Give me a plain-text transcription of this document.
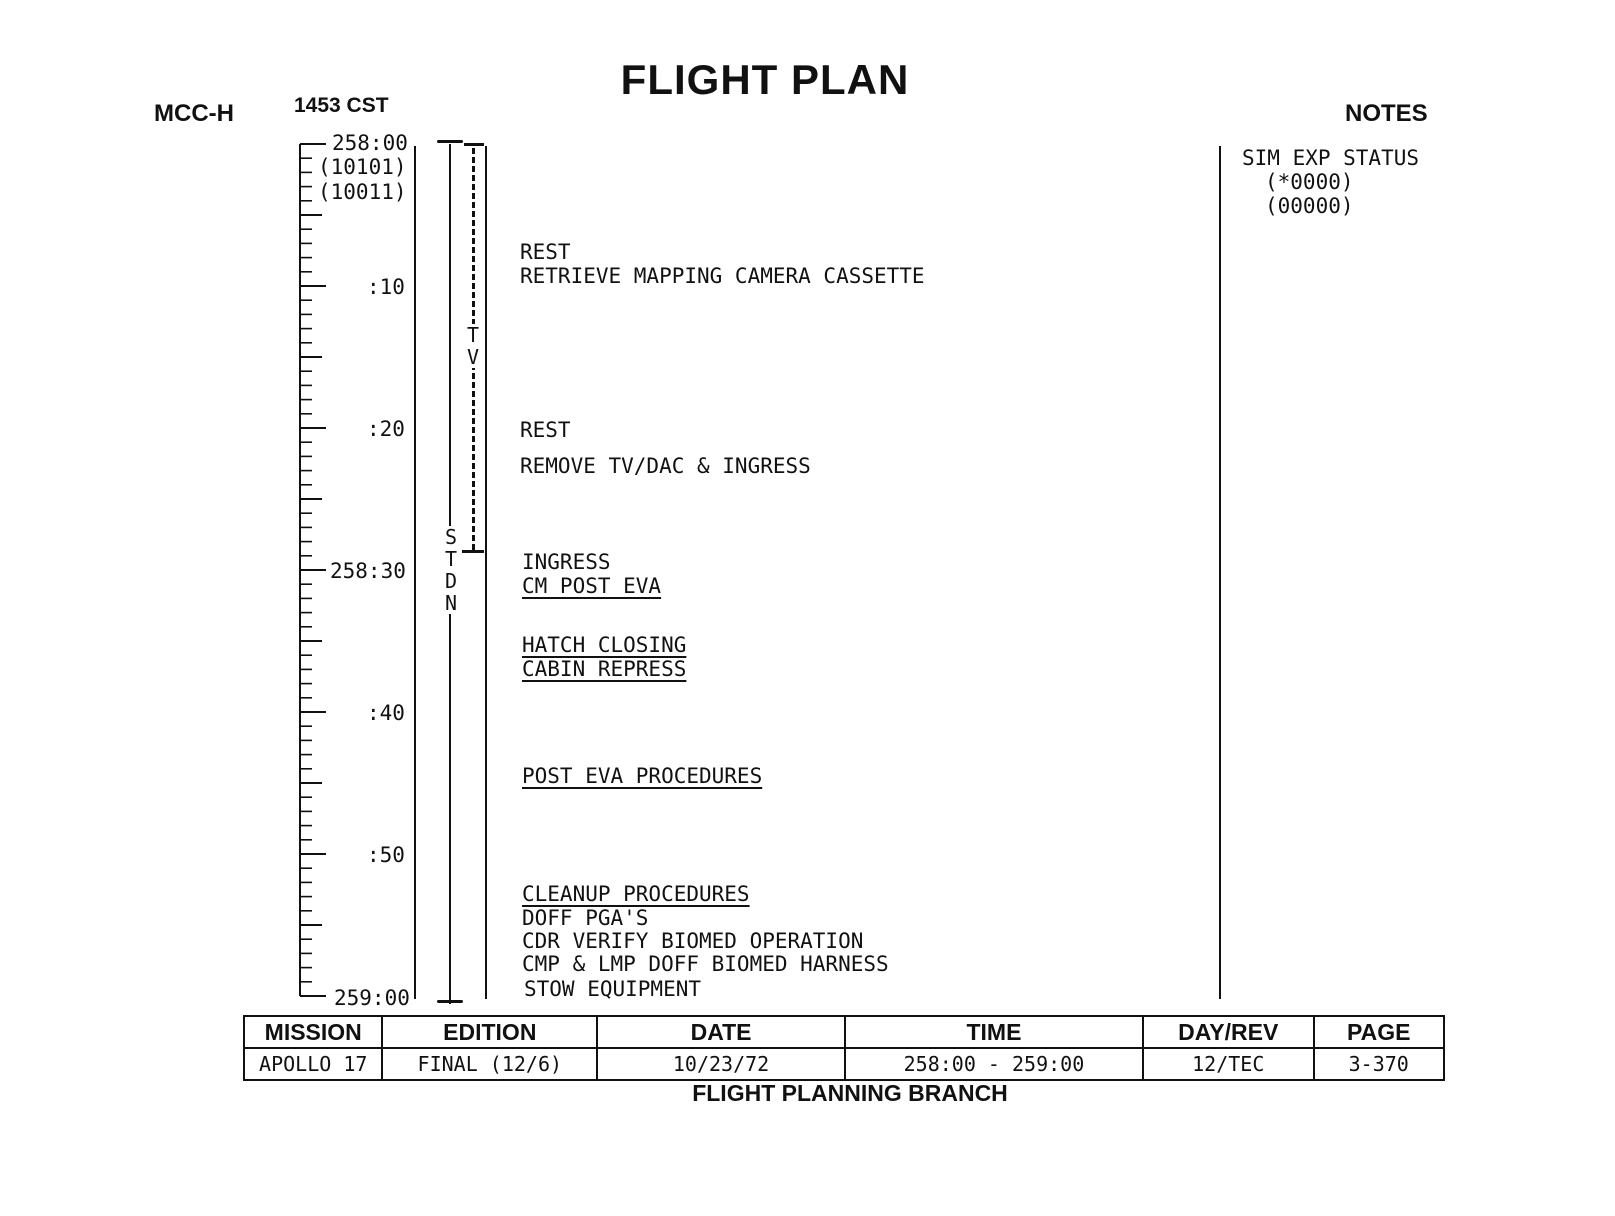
FLIGHT PLAN
MCC-H	1453 CST	NOTES
258:00
(10101)
(10011)
:10
:20
258:30
:40
:50
259:00
S
T
D
N
T
V
REST
RETRIEVE MAPPING CAMERA CASSETTE
REST
REMOVE TV/DAC & INGRESS
INGRESS
CM POST EVA
HATCH CLOSING
CABIN REPRESS
POST EVA PROCEDURES
CLEANUP PROCEDURES
DOFF PGA'S
CDR VERIFY BIOMED OPERATION
CMP & LMP DOFF BIOMED HARNESS
STOW EQUIPMENT
SIM EXP STATUS
(*0000)
(00000)
MISSION	EDITION	DATE	TIME	DAY/REV	PAGE
APOLLO 17	FINAL (12/6)	10/23/72	258:00 - 259:00	12/TEC	3-370
FLIGHT PLANNING BRANCH
